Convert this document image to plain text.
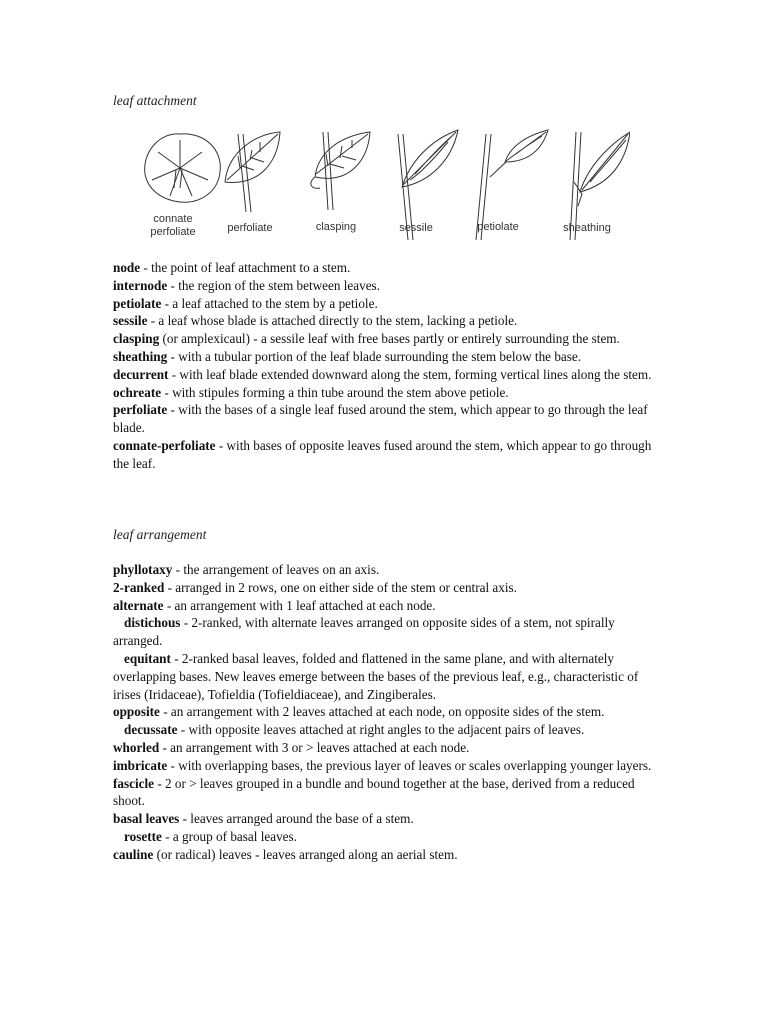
leaf attachment
connate
perfoliate	perfoliate	clasping	sessile	petiolate	sheathing

node - the point of leaf attachment to a stem.

internode - the region of the stem between leaves.

petiolate - a leaf attached to the stem by a petiole.

sessile - a leaf whose blade is attached directly to the stem, lacking a petiole.

clasping (or amplexicaul) - a sessile leaf with free bases partly or entirely surrounding the stem.

sheathing - with a tubular portion of the leaf blade surrounding the stem below the base.

decurrent - with leaf blade extended downward along the stem, forming vertical lines along the stem.

ochreate - with stipules forming a thin tube around the stem above petiole.

perfoliate - with the bases of a single leaf fused around the stem, which appear to go through the leaf blade.

connate-perfoliate - with bases of opposite leaves fused around the stem, which appear to go through the leaf.

leaf arrangement

phyllotaxy - the arrangement of leaves on an axis.

2-ranked - arranged in 2 rows, one on either side of the stem or central axis.

alternate - an arrangement with 1 leaf attached at each node.

distichous - 2-ranked, with alternate leaves arranged on opposite sides of a stem, not spirally arranged.

equitant - 2-ranked basal leaves, folded and flattened in the same plane, and with alternately overlapping bases. New leaves emerge between the bases of the previous leaf, e.g., characteristic of irises (Iridaceae), Tofieldia (Tofieldiaceae), and Zingiberales.

opposite - an arrangement with 2 leaves attached at each node, on opposite sides of the stem.

decussate - with opposite leaves attached at right angles to the adjacent pairs of leaves.

whorled - an arrangement with 3 or > leaves attached at each node.

imbricate - with overlapping bases, the previous layer of leaves or scales overlapping younger layers.

fascicle - 2 or > leaves grouped in a bundle and bound together at the base, derived from a reduced shoot.

basal leaves - leaves arranged around the base of a stem.

rosette - a group of basal leaves.

cauline (or radical) leaves - leaves arranged along an aerial stem.
